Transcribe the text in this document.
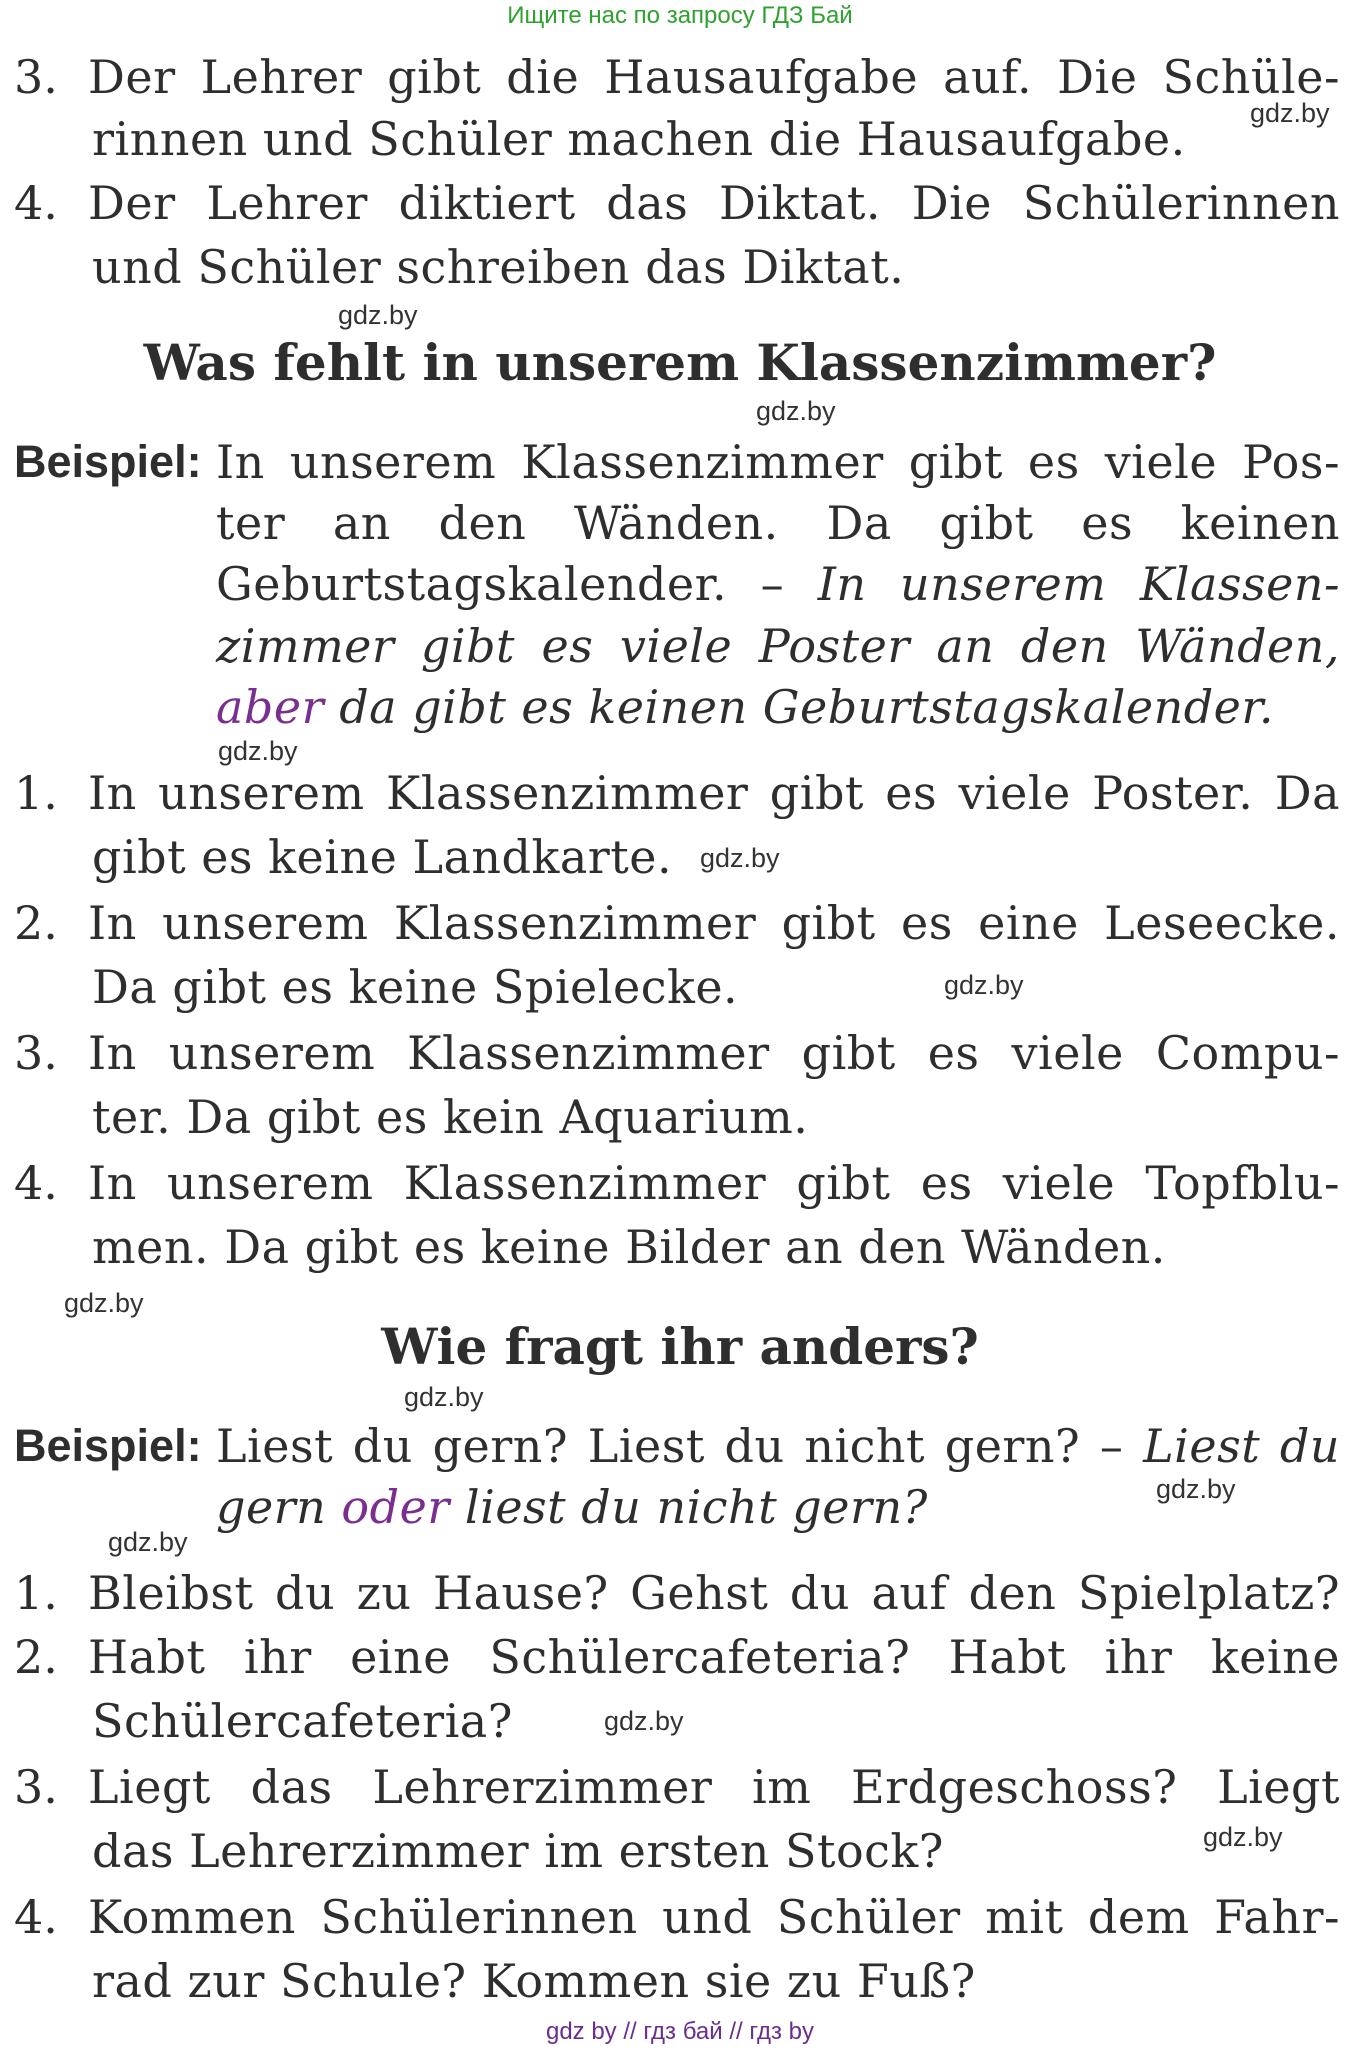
Ищите нас по запросу ГДЗ Бай
3. Der Lehrer gibt die Hausaufgabe auf. Die Schüle-
rinnen und Schüler machen die Hausaufgabe.
4. Der Lehrer diktiert das Diktat. Die Schülerinnen
und Schüler schreiben das Diktat.
Was fehlt in unserem Klassenzimmer?
Beispiel: In unserem Klassenzimmer gibt es viele Pos-
ter an den Wänden. Da gibt es keinen
Geburtstagskalender. – In unserem Klassen-
zimmer gibt es viele Poster an den Wänden,
aber da gibt es keinen Geburtstagskalender.
1. In unserem Klassenzimmer gibt es viele Poster. Da
gibt es keine Landkarte.
2. In unserem Klassenzimmer gibt es eine Leseecke.
Da gibt es keine Spielecke.
3. In unserem Klassenzimmer gibt es viele Compu-
ter. Da gibt es kein Aquarium.
4. In unserem Klassenzimmer gibt es viele Topfblu-
men. Da gibt es keine Bilder an den Wänden.
Wie fragt ihr anders?
Beispiel: Liest du gern? Liest du nicht gern? – Liest du
gern oder liest du nicht gern?
1. Bleibst du zu Hause? Gehst du auf den Spielplatz?
2. Habt ihr eine Schülercafeteria? Habt ihr keine
Schülercafeteria?
3. Liegt das Lehrerzimmer im Erdgeschoss? Liegt
das Lehrerzimmer im ersten Stock?
4. Kommen Schülerinnen und Schüler mit dem Fahr-
rad zur Schule? Kommen sie zu Fuß?
gdz.by
gdz.by
gdz.by
gdz.by
gdz.by
gdz.by
gdz.by
gdz.by
gdz.by
gdz.by
gdz.by
gdz.by
gdz by // гдз бай // гдз by
